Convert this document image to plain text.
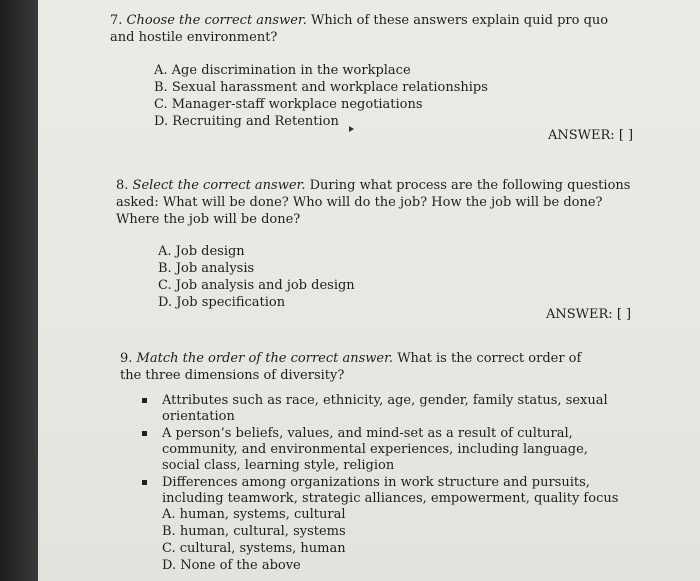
7. Choose the correct answer. Which of these answers explain quid pro quo and hostile environment?
A. Age discrimination in the workplace
B. Sexual harassment and workplace relationships
C. Manager-staff workplace negotiations
D. Recruiting and Retention
ANSWER: [ ]
8. Select the correct answer. During what process are the following questions asked: What will be done? Who will do the job? How the job will be done? Where the job will be done?
A. Job design
B. Job analysis
C. Job analysis and job design
D. Job specification
ANSWER: [ ]
9. Match the order of the correct answer. What is the correct order of the three dimensions of diversity?
Attributes such as race, ethnicity, age, gender, family status, sexual orientation
A person’s beliefs, values, and mind-set as a result of cultural, community, and environmental experiences, including language, social class, learning style, religion
Differences among organizations in work structure and pursuits, including teamwork, strategic alliances, empowerment, quality focus
A. human, systems, cultural
B. human, cultural, systems
C. cultural, systems, human
D. None of the above
